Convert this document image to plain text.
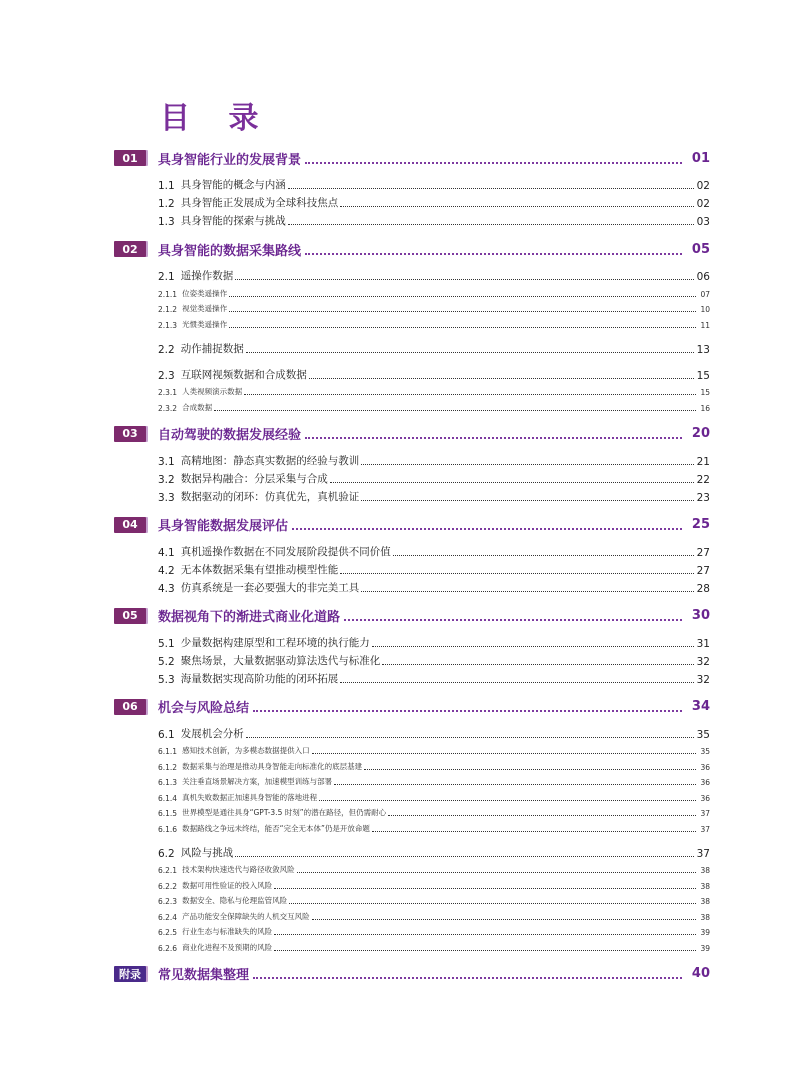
目 录
01	具身智能行业的发展背景	01
1.1 具身智能的概念与内涵	02
1.2 具身智能正发展成为全球科技焦点	02
1.3 具身智能的探索与挑战	03
02	具身智能的数据采集路线	05
2.1 遥操作数据	06
2.1.1 位姿类遥操作	07
2.1.2 视觉类遥操作	10
2.1.3 光惯类遥操作	11
2.2 动作捕捉数据	13
2.3 互联网视频数据和合成数据	15
2.3.1 人类视频演示数据	15
2.3.2 合成数据	16
03	自动驾驶的数据发展经验	20
3.1 高精地图：静态真实数据的经验与教训	21
3.2 数据异构融合：分层采集与合成	22
3.3 数据驱动的闭环：仿真优先，真机验证	23
04	具身智能数据发展评估	25
4.1 真机遥操作数据在不同发展阶段提供不同价值	27
4.2 无本体数据采集有望推动模型性能	27
4.3 仿真系统是一套必要强大的非完美工具	28
05	数据视角下的渐进式商业化道路	30
5.1 少量数据构建原型和工程环境的执行能力	31
5.2 聚焦场景，大量数据驱动算法迭代与标准化	32
5.3 海量数据实现高阶功能的闭环拓展	32
06	机会与风险总结	34
6.1 发展机会分析	35
6.1.1 感知技术创新，为多模态数据提供入口	35
6.1.2 数据采集与治理是推动具身智能走向标准化的底层基建	36
6.1.3 关注垂直场景解决方案，加速模型训练与部署	36
6.1.4 真机失败数据正加速具身智能的落地进程	36
6.1.5 世界模型是通往具身“GPT-3.5 时刻”的潜在路径，但仍需耐心	37
6.1.6 数据路线之争远未终结，能否“完全无本体”仍是开放命题	37
6.2 风险与挑战	37
6.2.1 技术架构快速迭代与路径收敛风险	38
6.2.2 数据可用性验证的投入风险	38
6.2.3 数据安全、隐私与伦理监管风险	38
6.2.4 产品功能安全保障缺失的人机交互风险	38
6.2.5 行业生态与标准缺失的风险	39
6.2.6 商业化进程不及预期的风险	39
附录	常见数据集整理	40
